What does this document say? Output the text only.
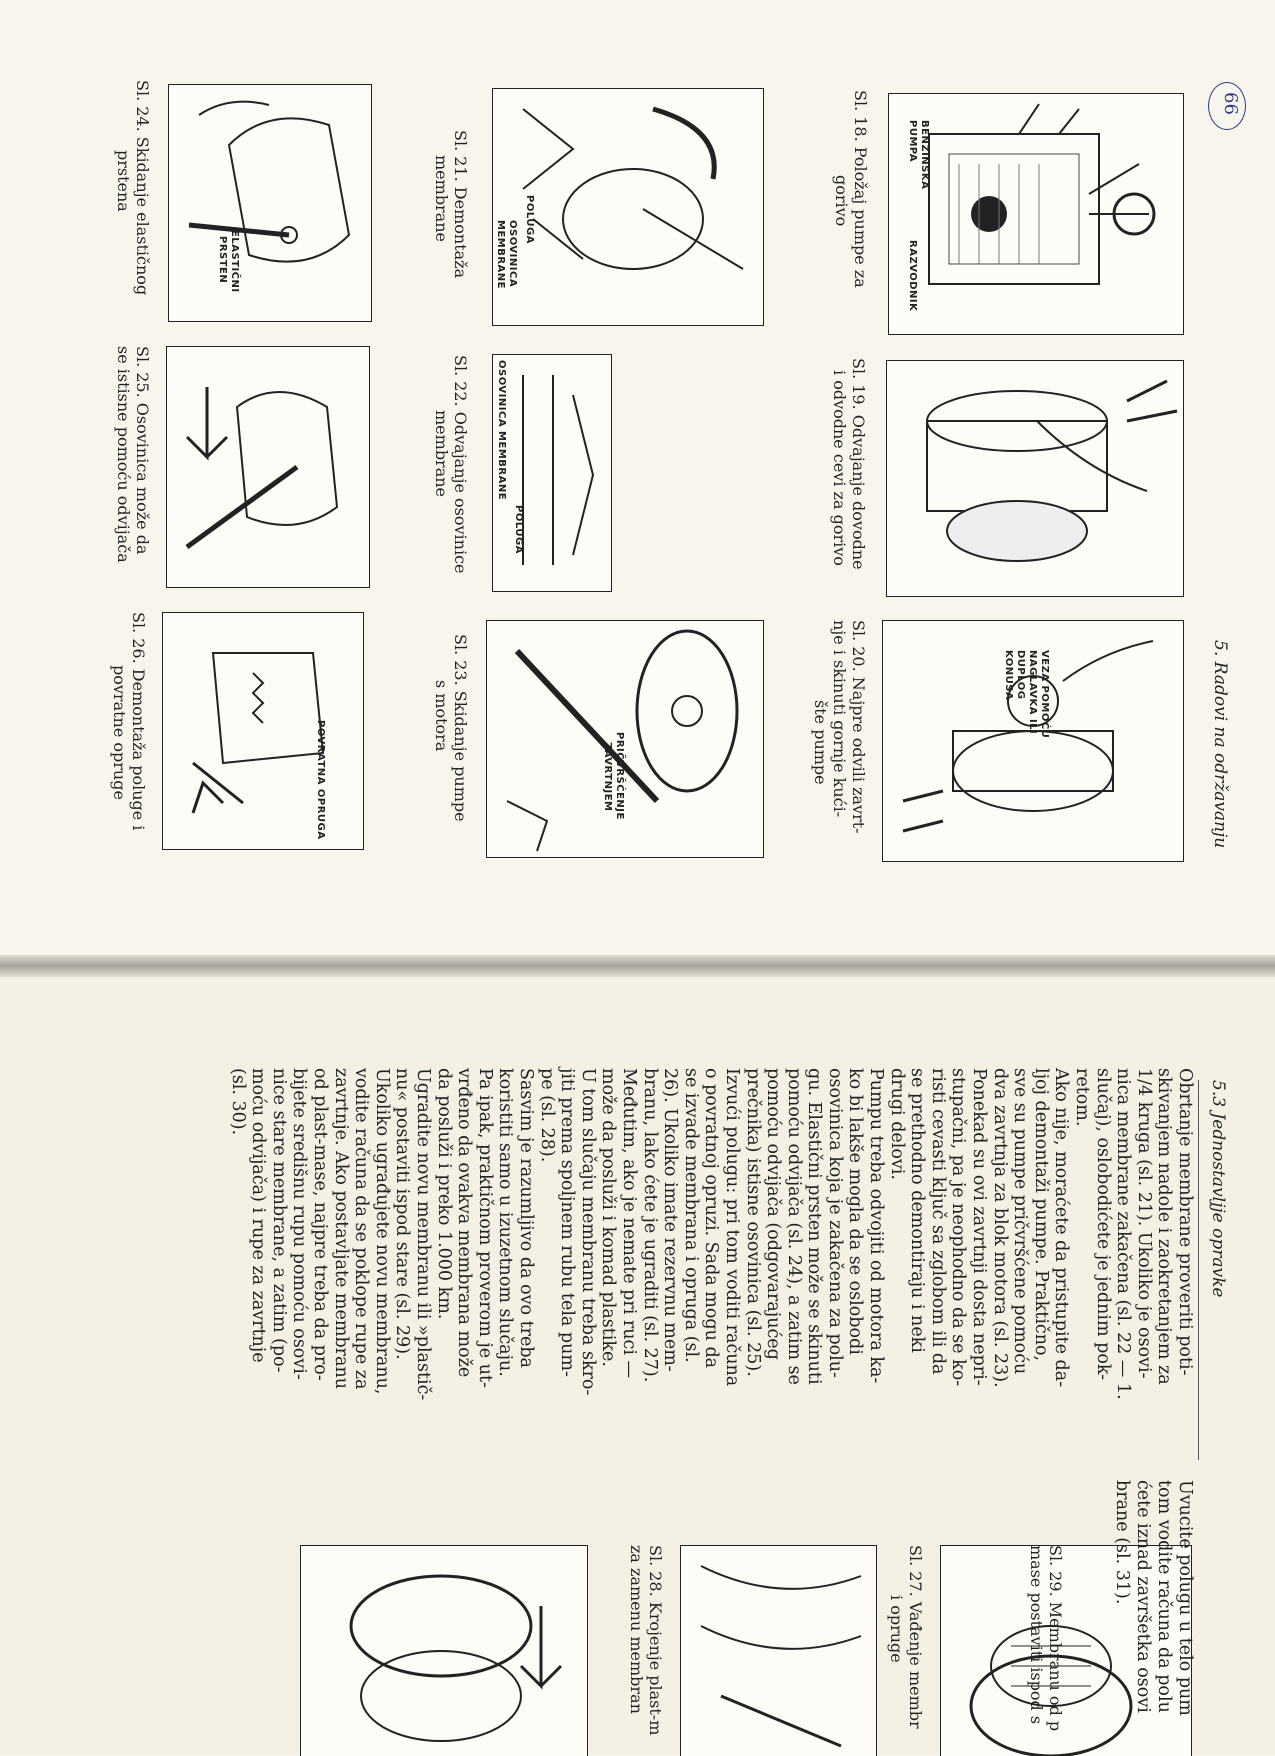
66
5. Radovi na održavanju
BENZINSKA
PUMPA
RAZVODNIK
Sl. 18. Položaj pumpe za
gorivo
Sl. 19. Odvajanje dovodne
i odvodne cevi za gorivo
VEZA POMOĆU
NAGLAVKA ILI
DUPLOG
KONUSA
Sl. 20. Najpre odvili zavrt-
nje i skinuti gornje kući-
šte pumpe
POLUGA
OSOVINICA
MEMBRANE
Sl. 21. Demontaža
membrane
OSOVINICA MEMBRANE
POLUGA
Sl. 22. Odvajanje osovinice
membrane
PRIČVRŠĆENJE
ZAVRTNJEM
Sl. 23. Skidanje pumpe
s motora
ELASTIČNI
PRSTEN
Sl. 24. Skidanje elastičnog
prstena
Sl. 25. Osovinica može da
se istisne pomoću odvijača
POVRATNA OPRUGA
Sl. 26. Demontaža poluge i
povratne opruge
5.3 Jednostavljje opravke
Obrtanje membrane proveriti poti-
skivanjem nadole i zaokretanjem za
1/4 kruga (sl. 21). Ukoliko je osovi-
nica membrane zakačena (sl. 22 — 1.
slučaj), oslobodićete je jednim pok-
retom.
Ako nije, moraćete da pristupite da-
ljoj demontaži pumpe. Praktično,
sve su pumpe pričvršćene pomoću
dva zavrtnja za blok motora (sl. 23).
Ponekad su ovi zavrtnji dosta nepri-
stupačni, pa je neophodno da se ko-
risti cevasti ključ sa zglobom ili da
se prethodno demontiraju i neki
drugi delovi.
Pumpu treba odvojiti od motora ka-
ko bi lakše mogla da se oslobodi
osovinica koja je zakačena za polu-
gu. Elastični prsten može se skinuti
pomoću odvijača (sl. 24), a zatim se
pomoću odvijača (odgovarajućeg
prečnika) istisne osovinica (sl. 25).
Izvući polugu: pri tom voditi računa
o povratnoj opruzi. Sada mogu da
se izvade membrana i opruga (sl.
26). Ukoliko imate rezervnu mem-
branu, lako ćete je ugraditi (sl. 27).
Međutim, ako je nemate pri ruci —
može da posluži i komad plastike.
U tom slučaju membranu treba skro-
jiti prema spoljnem rubu tela pum-
pe (sl. 28).
Sasvim je razumljivo da ovo treba
koristiti samo u izuzetnom slučaju.
Pa ipak, praktičnom proverom je ut-
vrđeno da ovakva membrana može
da posluži i preko 1.000 km.
Ugradite novu membranu ili »plastič-
nu« postaviti ispod stare (sl. 29).
Ukoliko ugrađujete novu membranu,
vodite računa da se poklope rupe za
zavrtnje. Ako postavljate membranu
od plast-mase, najpre treba da pro-
bijete središnu rupu pomoću osovi-
nice stare membrane, a zatim (po-
moću odvijača) i rupe za zavrtnje
(sl. 30).
Sl. 27. Vađenje membr
i opruge
Sl. 28. Krojenje plast-m
za zamenu membran	Sl. 29. Membranu od p
mase postaviti ispod s	Uvucite polugu u telo pum
tom vodite računa da polu
ćete iznad završetka osovi
brane (sl. 31).
